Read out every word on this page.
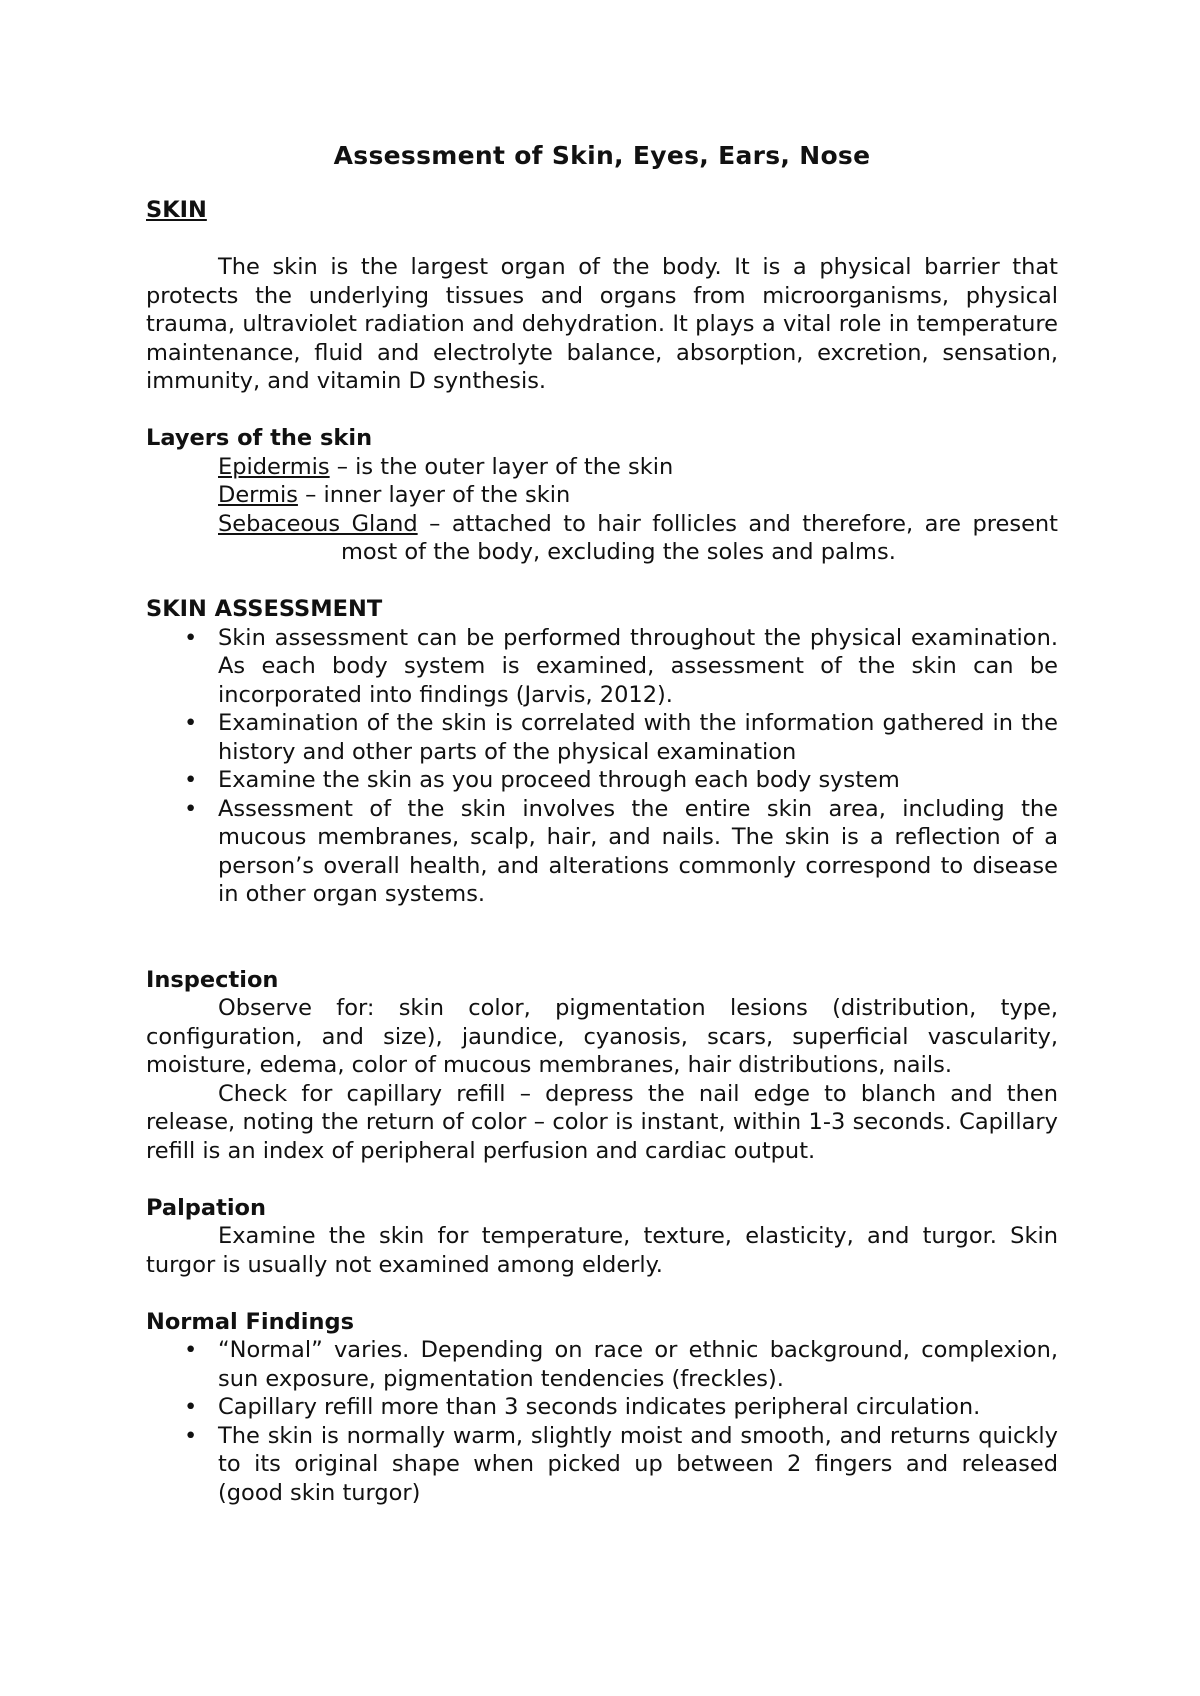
Assessment of Skin, Eyes, Ears, Nose
SKIN

The skin is the largest organ of the body. It is a physical barrier that protects the underlying tissues and organs from microorganisms, physical trauma, ultraviolet radiation and dehydration. It plays a vital role in temperature maintenance, fluid and electrolyte balance, absorption, excretion, sensation, immunity, and vitamin D synthesis.

Layers of the skin

Epidermis – is the outer layer of the skin

Dermis – inner layer of the skin

Sebaceous Gland – attached to hair follicles and therefore, are presentmost of the body, excluding the soles and palms.

SKIN ASSESSMENT
• Skin assessment can be performed throughout the physical examination. As each body system is examined, assessment of the skin can be incorporated into findings (Jarvis, 2012).
• Examination of the skin is correlated with the information gathered in the history and other parts of the physical examination
• Examine the skin as you proceed through each body system
• Assessment of the skin involves the entire skin area, including the mucous membranes, scalp, hair, and nails. The skin is a reflection of a person’s overall health, and alterations commonly correspond to disease in other organ systems.
Inspection

Observe for: skin color, pigmentation lesions (distribution, type, configuration, and size), jaundice, cyanosis, scars, superficial vascularity, moisture, edema, color of mucous membranes, hair distributions, nails.

Check for capillary refill – depress the nail edge to blanch and then release, noting the return of color – color is instant, within 1-3 seconds. Capillary refill is an index of peripheral perfusion and cardiac output.

Palpation

Examine the skin for temperature, texture, elasticity, and turgor. Skin turgor is usually not examined among elderly.

Normal Findings
• “Normal” varies. Depending on race or ethnic background, complexion, sun exposure, pigmentation tendencies (freckles).
• Capillary refill more than 3 seconds indicates peripheral circulation.
• The skin is normally warm, slightly moist and smooth, and returns quickly to its original shape when picked up between 2 fingers and released (good skin turgor)
